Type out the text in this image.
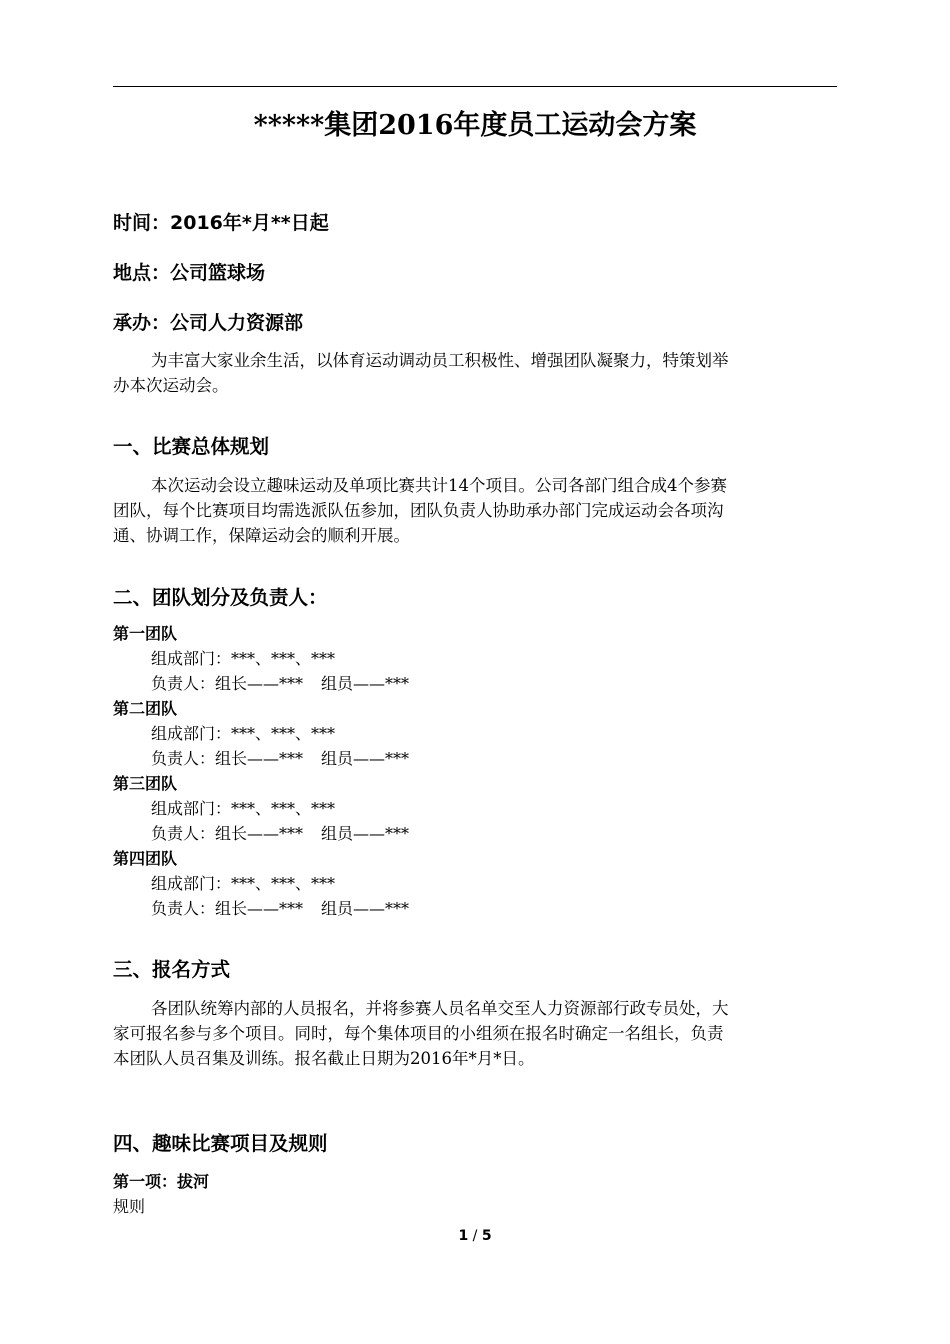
*****集团2016年度员工运动会方案
时间：2016年*月**日起
地点：公司篮球场
承办：公司人力资源部
为丰富大家业余生活，以体育运动调动员工积极性、增强团队凝聚力，特策划举
办本次运动会。
一、比赛总体规划
本次运动会设立趣味运动及单项比赛共计14个项目。公司各部门组合成4个参赛
团队，每个比赛项目均需选派队伍参加，团队负责人协助承办部门完成运动会各项沟
通、协调工作，保障运动会的顺利开展。
二、团队划分及负责人：
第一团队
组成部门：***、***、***
负责人：组长——*** 组员——***
第二团队
组成部门：***、***、***
负责人：组长——*** 组员——***
第三团队
组成部门：***、***、***
负责人：组长——*** 组员——***
第四团队
组成部门：***、***、***
负责人：组长——*** 组员——***
三、报名方式
各团队统筹内部的人员报名，并将参赛人员名单交至人力资源部行政专员处，大
家可报名参与多个项目。同时，每个集体项目的小组须在报名时确定一名组长，负责
本团队人员召集及训练。报名截止日期为2016年*月*日。
四、趣味比赛项目及规则
第一项：拔河
规则
1 / 5
